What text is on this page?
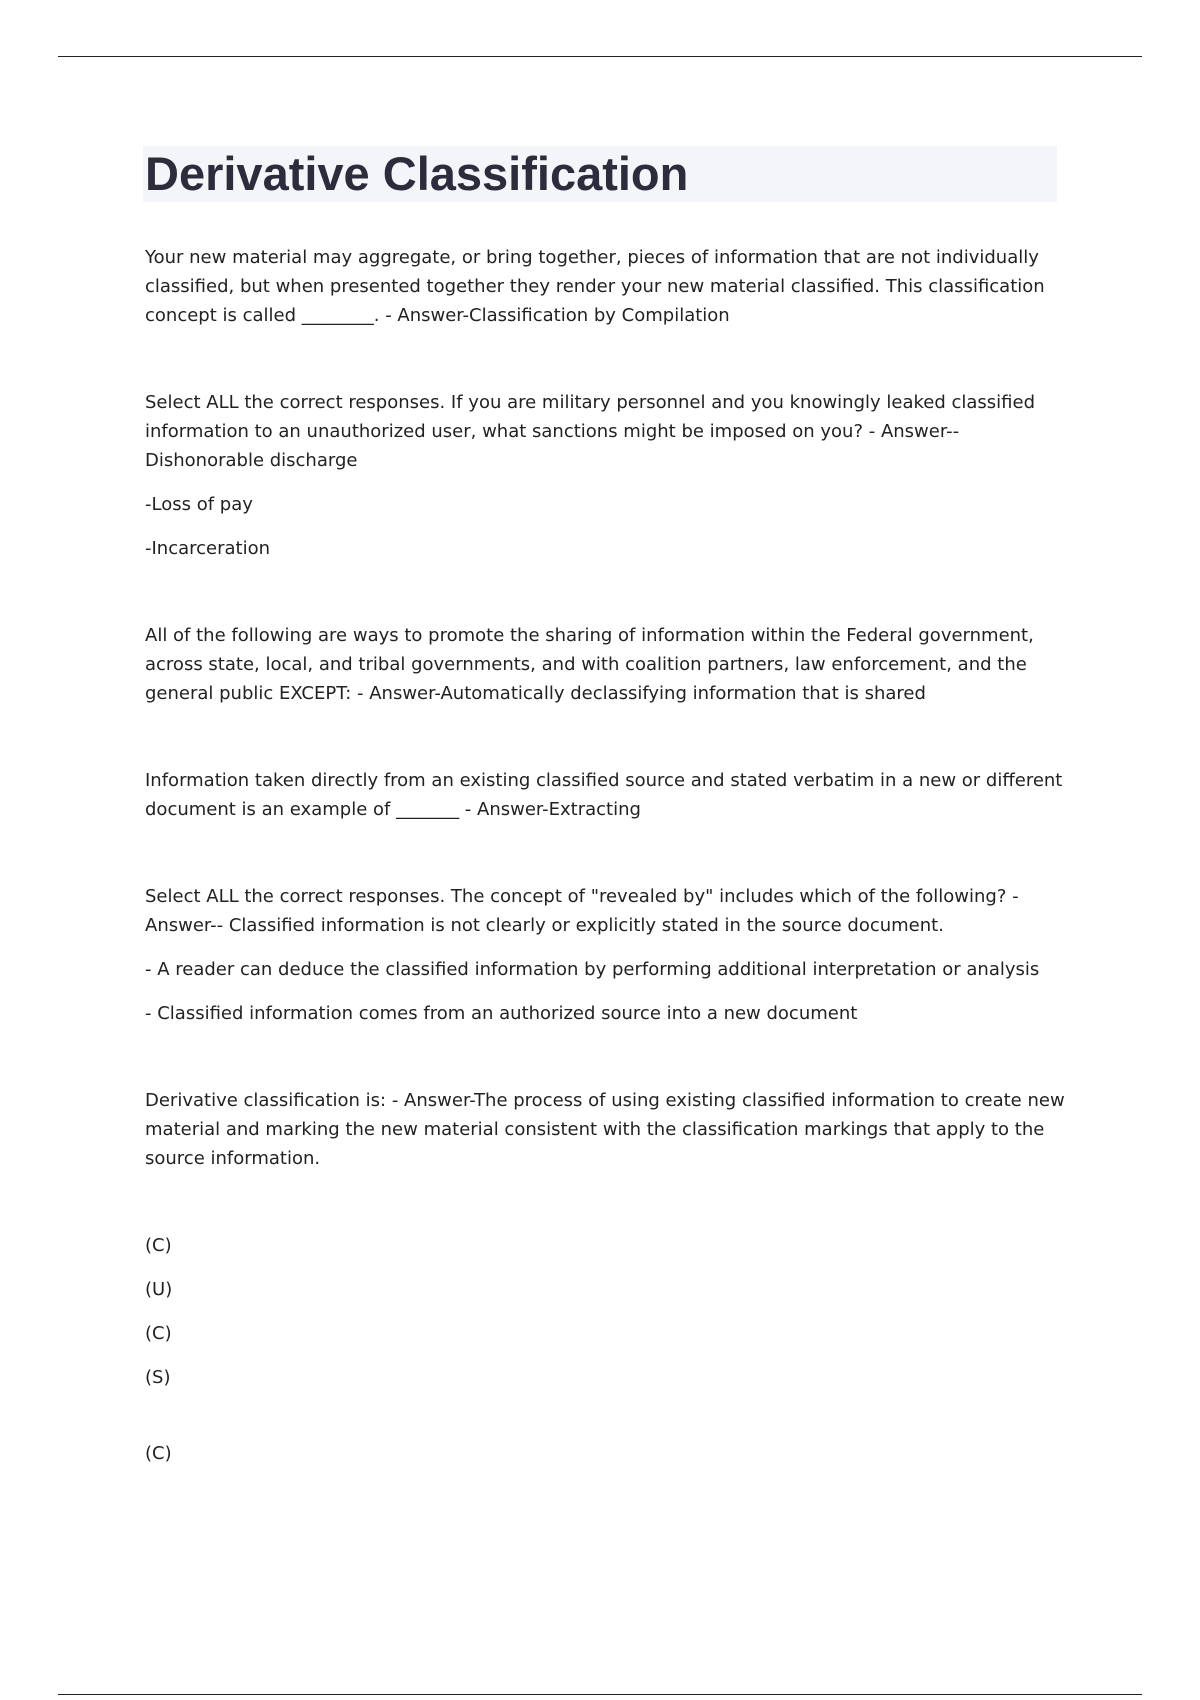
Derivative Classification

Your new material may aggregate, or bring together, pieces of information that are not individually classified, but when presented together they render your new material classified. This classification concept is called ________. - Answer-Classification by Compilation

Select ALL the correct responses. If you are military personnel and you knowingly leaked classified information to an unauthorized user, what sanctions might be imposed on you? - Answer-- Dishonorable discharge

-Loss of pay

-Incarceration

All of the following are ways to promote the sharing of information within the Federal government, across state, local, and tribal governments, and with coalition partners, law enforcement, and the general public EXCEPT: - Answer-Automatically declassifying information that is shared

Information taken directly from an existing classified source and stated verbatim in a new or different document is an example of _______ - Answer-Extracting

Select ALL the correct responses. The concept of "revealed by" includes which of the following? - Answer-- Classified information is not clearly or explicitly stated in the source document.

- A reader can deduce the classified information by performing additional interpretation or analysis

- Classified information comes from an authorized source into a new document

Derivative classification is: - Answer-The process of using existing classified information to create new material and marking the new material consistent with the classification markings that apply to the source information.

(C)

(U)

(C)

(S)

(C)
